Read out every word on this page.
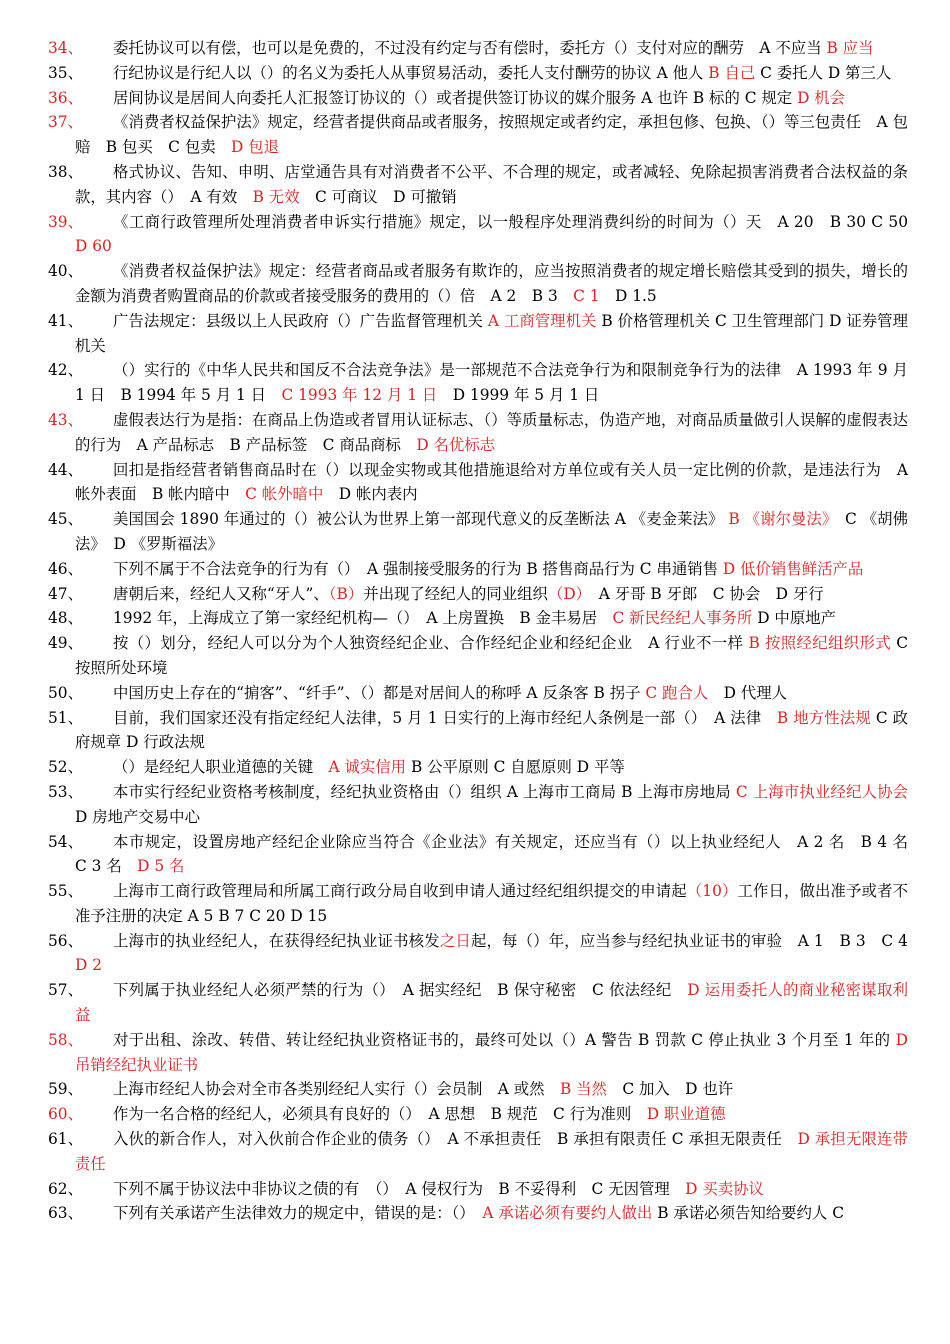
34、	委托协议可以有偿，也可以是免费的，不过没有约定与否有偿时，委托方（）支付对应的酬劳　A 不应当 B 应当
35、	行纪协议是行纪人以（）的名义为委托人从事贸易活动，委托人支付酬劳的协议 A 他人 B 自己 C 委托人 D 第三人
36、	居间协议是居间人向委托人汇报签订协议的（）或者提供签订协议的媒介服务 A 也许 B 标的 C 规定 D 机会
37、	《消费者权益保护法》规定，经营者提供商品或者服务，按照规定或者约定，承担包修、包换、（）等三包责任　A 包赔　B 包买　C 包卖　D 包退
38、	格式协议、告知、申明、店堂通告具有对消费者不公平、不合理的规定，或者减轻、免除起损害消费者合法权益的条款，其内容（）　A 有效　B 无效　C 可商议　D 可撤销
39、	《工商行政管理所处理消费者申诉实行措施》规定，以一般程序处理消费纠纷的时间为（）天　A 20　B 30 C 50　D 60
40、	《消费者权益保护法》规定：经营者商品或者服务有欺诈的，应当按照消费者的规定增长赔偿其受到的损失，增长的金额为消费者购置商品的价款或者接受服务的费用的（）倍　A 2　B 3　C 1　D 1.5
41、	广告法规定：县级以上人民政府（）广告监督管理机关 A 工商管理机关 B 价格管理机关 C 卫生管理部门 D 证券管理机关
42、	（）实行的《中华人民共和国反不合法竞争法》是一部规范不合法竞争行为和限制竞争行为的法律　A 1993 年 9 月 1 日　B 1994 年 5 月 1 日　C 1993 年 12 月 1 日　D 1999 年 5 月 1 日
43、	虚假表达行为是指：在商品上伪造或者冒用认证标志、（）等质量标志，伪造产地，对商品质量做引人误解的虚假表达的行为　A 产品标志　B 产品标签　C 商品商标　D 名优标志
44、	回扣是指经营者销售商品时在（）以现金实物或其他措施退给对方单位或有关人员一定比例的价款，是违法行为　A 帐外表面　B 帐内暗中　C 帐外暗中　D 帐内表内
45、	美国国会 1890 年通过的（）被公认为世界上第一部现代意义的反垄断法 A 《麦金莱法》 B 《谢尔曼法》　C 《胡佛法》　D 《罗斯福法》
46、	下列不属于不合法竞争的行为有（）　A 强制接受服务的行为 B 搭售商品行为 C 串通销售 D 低价销售鲜活产品
47、	唐朝后来，经纪人又称“牙人”、（B）并出现了经纪人的同业组织（D）　A 牙哥 B 牙郎　C 协会　D 牙行
48、	1992 年，上海成立了第一家经纪机构—（）　A 上房置换　B 金丰易居　C 新民经纪人事务所 D 中原地产
49、	按（）划分，经纪人可以分为个人独资经纪企业、合作经纪企业和经纪企业　A 行业不一样 B 按照经纪组织形式 C 按照所处环境
50、	中国历史上存在的“掮客”、“纤手”、（）都是对居间人的称呼 A 反条客 B 拐子 C 跑合人　D 代理人
51、	目前，我们国家还没有指定经纪人法律，5 月 1 日实行的上海市经纪人条例是一部（）　A 法律　B 地方性法规 C 政府规章 D 行政法规
52、	（）是经纪人职业道德的关键　A 诚实信用 B 公平原则 C 自愿原则 D 平等
53、	本市实行经纪业资格考核制度，经纪执业资格由（）组织 A 上海市工商局 B 上海市房地局 C 上海市执业经纪人协会 D 房地产交易中心
54、	本市规定，设置房地产经纪企业除应当符合《企业法》有关规定，还应当有（）以上执业经纪人　A 2 名　B 4 名　C 3 名　D 5 名
55、	上海市工商行政管理局和所属工商行政分局自收到申请人通过经纪组织提交的申请起（10）工作日，做出准予或者不准予注册的决定 A 5 B 7 C 20 D 15
56、	上海市的执业经纪人，在获得经纪执业证书核发之日起，每（）年，应当参与经纪执业证书的审验　A 1　B 3　C 4　D 2
57、	下列属于执业经纪人必须严禁的行为（）　A 据实经纪　B 保守秘密　C 依法经纪　D 运用委托人的商业秘密谋取利益
58、	对于出租、涂改、转借、转让经纪执业资格证书的，最终可处以（）A 警告 B 罚款 C 停止执业 3 个月至 1 年的 D 吊销经纪执业证书
59、	上海市经纪人协会对全市各类别经纪人实行（）会员制　A 或然　B 当然　C 加入　D 也许
60、	作为一名合格的经纪人，必须具有良好的（）　A 思想　B 规范　C 行为准则　D 职业道德
61、	入伙的新合作人，对入伙前合作企业的债务（）　A 不承担责任　B 承担有限责任 C 承担无限责任　D 承担无限连带责任
62、	下列不属于协议法中非协议之债的有　（）　A 侵权行为　B 不妥得利　C 无因管理　D 买卖协议
63、	下列有关承诺产生法律效力的规定中，错误的是：（）　A 承诺必须有要约人做出 B 承诺必须告知给要约人 C
